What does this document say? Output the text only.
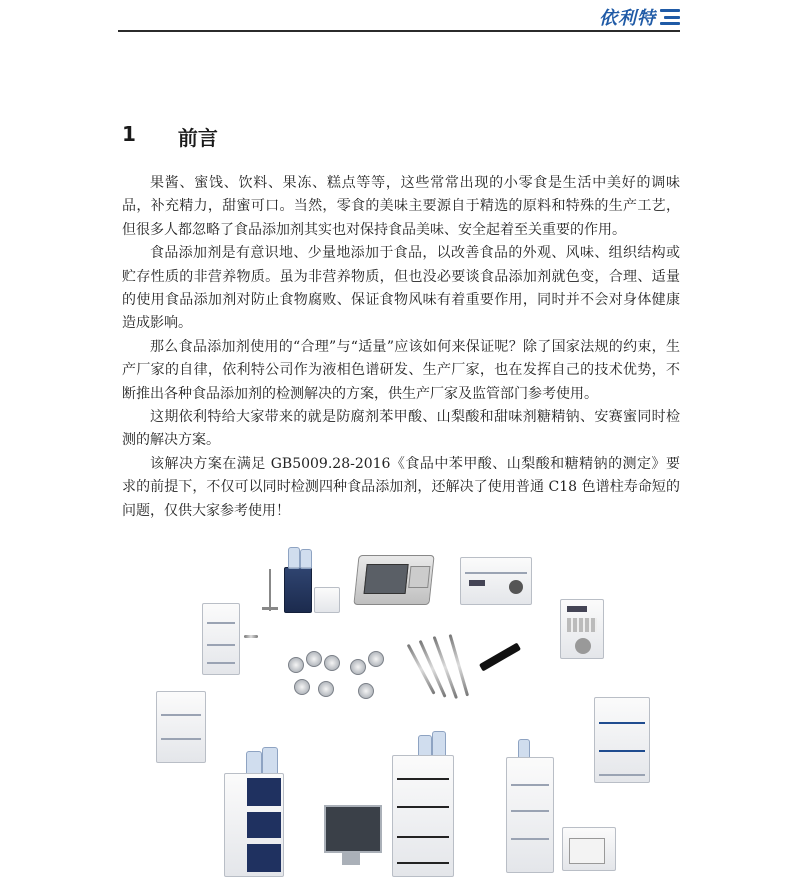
依利特
1 前言

果酱、蜜饯、饮料、果冻、糕点等等，这些常常出现的小零食是生活中美好的调味品，补充精力，甜蜜可口。当然，零食的美味主要源自于精选的原料和特殊的生产工艺，但很多人都忽略了食品添加剂其实也对保持食品美味、安全起着至关重要的作用。

食品添加剂是有意识地、少量地添加于食品，以改善食品的外观、风味、组织结构或贮存性质的非营养物质。虽为非营养物质，但也没必要谈食品添加剂就色变，合理、适量的使用食品添加剂对防止食物腐败、保证食物风味有着重要作用，同时并不会对身体健康造成影响。

那么食品添加剂使用的“合理”与“适量”应该如何来保证呢？除了国家法规的约束，生产厂家的自律，依利特公司作为液相色谱研发、生产厂家，也在发挥自己的技术优势，不断推出各种食品添加剂的检测解决的方案，供生产厂家及监管部门参考使用。

这期依利特给大家带来的就是防腐剂苯甲酸、山梨酸和甜味剂糖精钠、安赛蜜同时检测的解决方案。

该解决方案在满足 GB5009.28-2016《食品中苯甲酸、山梨酸和糖精钠的测定》要求的前提下，不仅可以同时检测四种食品添加剂，还解决了使用普通 C18 色谱柱寿命短的问题，仅供大家参考使用！
